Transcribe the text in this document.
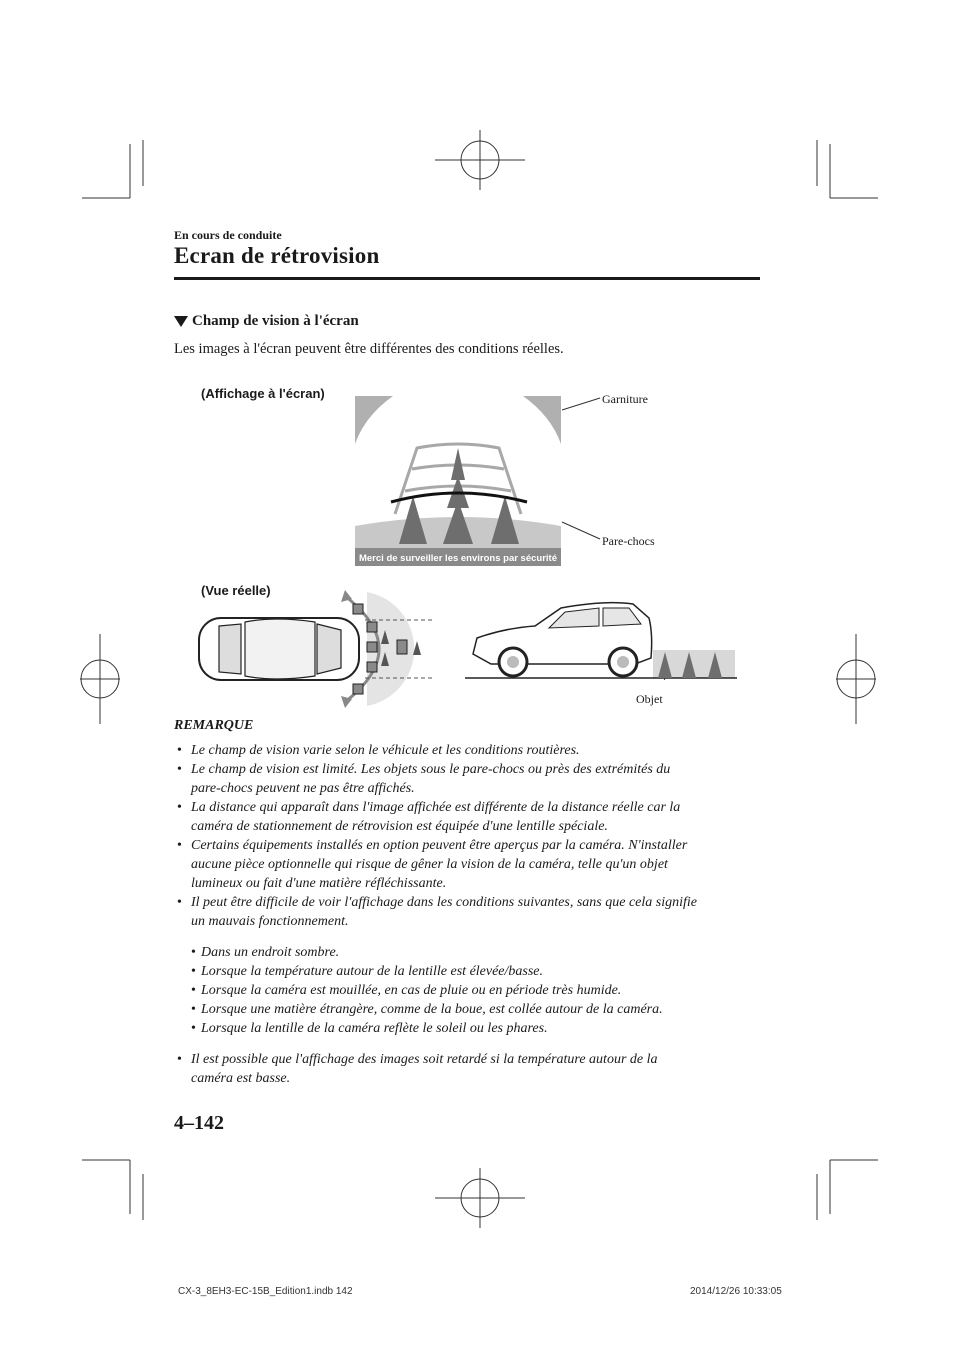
En cours de conduite
Ecran de rétrovision
Champ de vision à l'écran
Les images à l'écran peuvent être différentes des conditions réelles.
(Affichage à l'écran)
(Vue réelle)
Merci de surveiller les environs par sécurité
Garniture
Pare-chocs
Objet
REMARQUE
• Le champ de vision varie selon le véhicule et les conditions routières.
• Le champ de vision est limité. Les objets sous le pare-chocs ou près des extrémités du
pare-chocs peuvent ne pas être affichés.
• La distance qui apparaît dans l'image affichée est différente de la distance réelle car la
caméra de stationnement de rétrovision est équipée d'une lentille spéciale.
• Certains équipements installés en option peuvent être aperçus par la caméra. N'installer
aucune pièce optionnelle qui risque de gêner la vision de la caméra, telle qu'un objet
lumineux ou fait d'une matière réfléchissante.
• Il peut être difficile de voir l'affichage dans les conditions suivantes, sans que cela signifie
un mauvais fonctionnement.
• Dans un endroit sombre.
• Lorsque la température autour de la lentille est élevée/basse.
• Lorsque la caméra est mouillée, en cas de pluie ou en période très humide.
• Lorsque une matière étrangère, comme de la boue, est collée autour de la caméra.
• Lorsque la lentille de la caméra reflète le soleil ou les phares.
• Il est possible que l'affichage des images soit retardé si la température autour de la
caméra est basse.
4–142
CX-3_8EH3-EC-15B_Edition1.indb 142	2014/12/26 10:33:05
